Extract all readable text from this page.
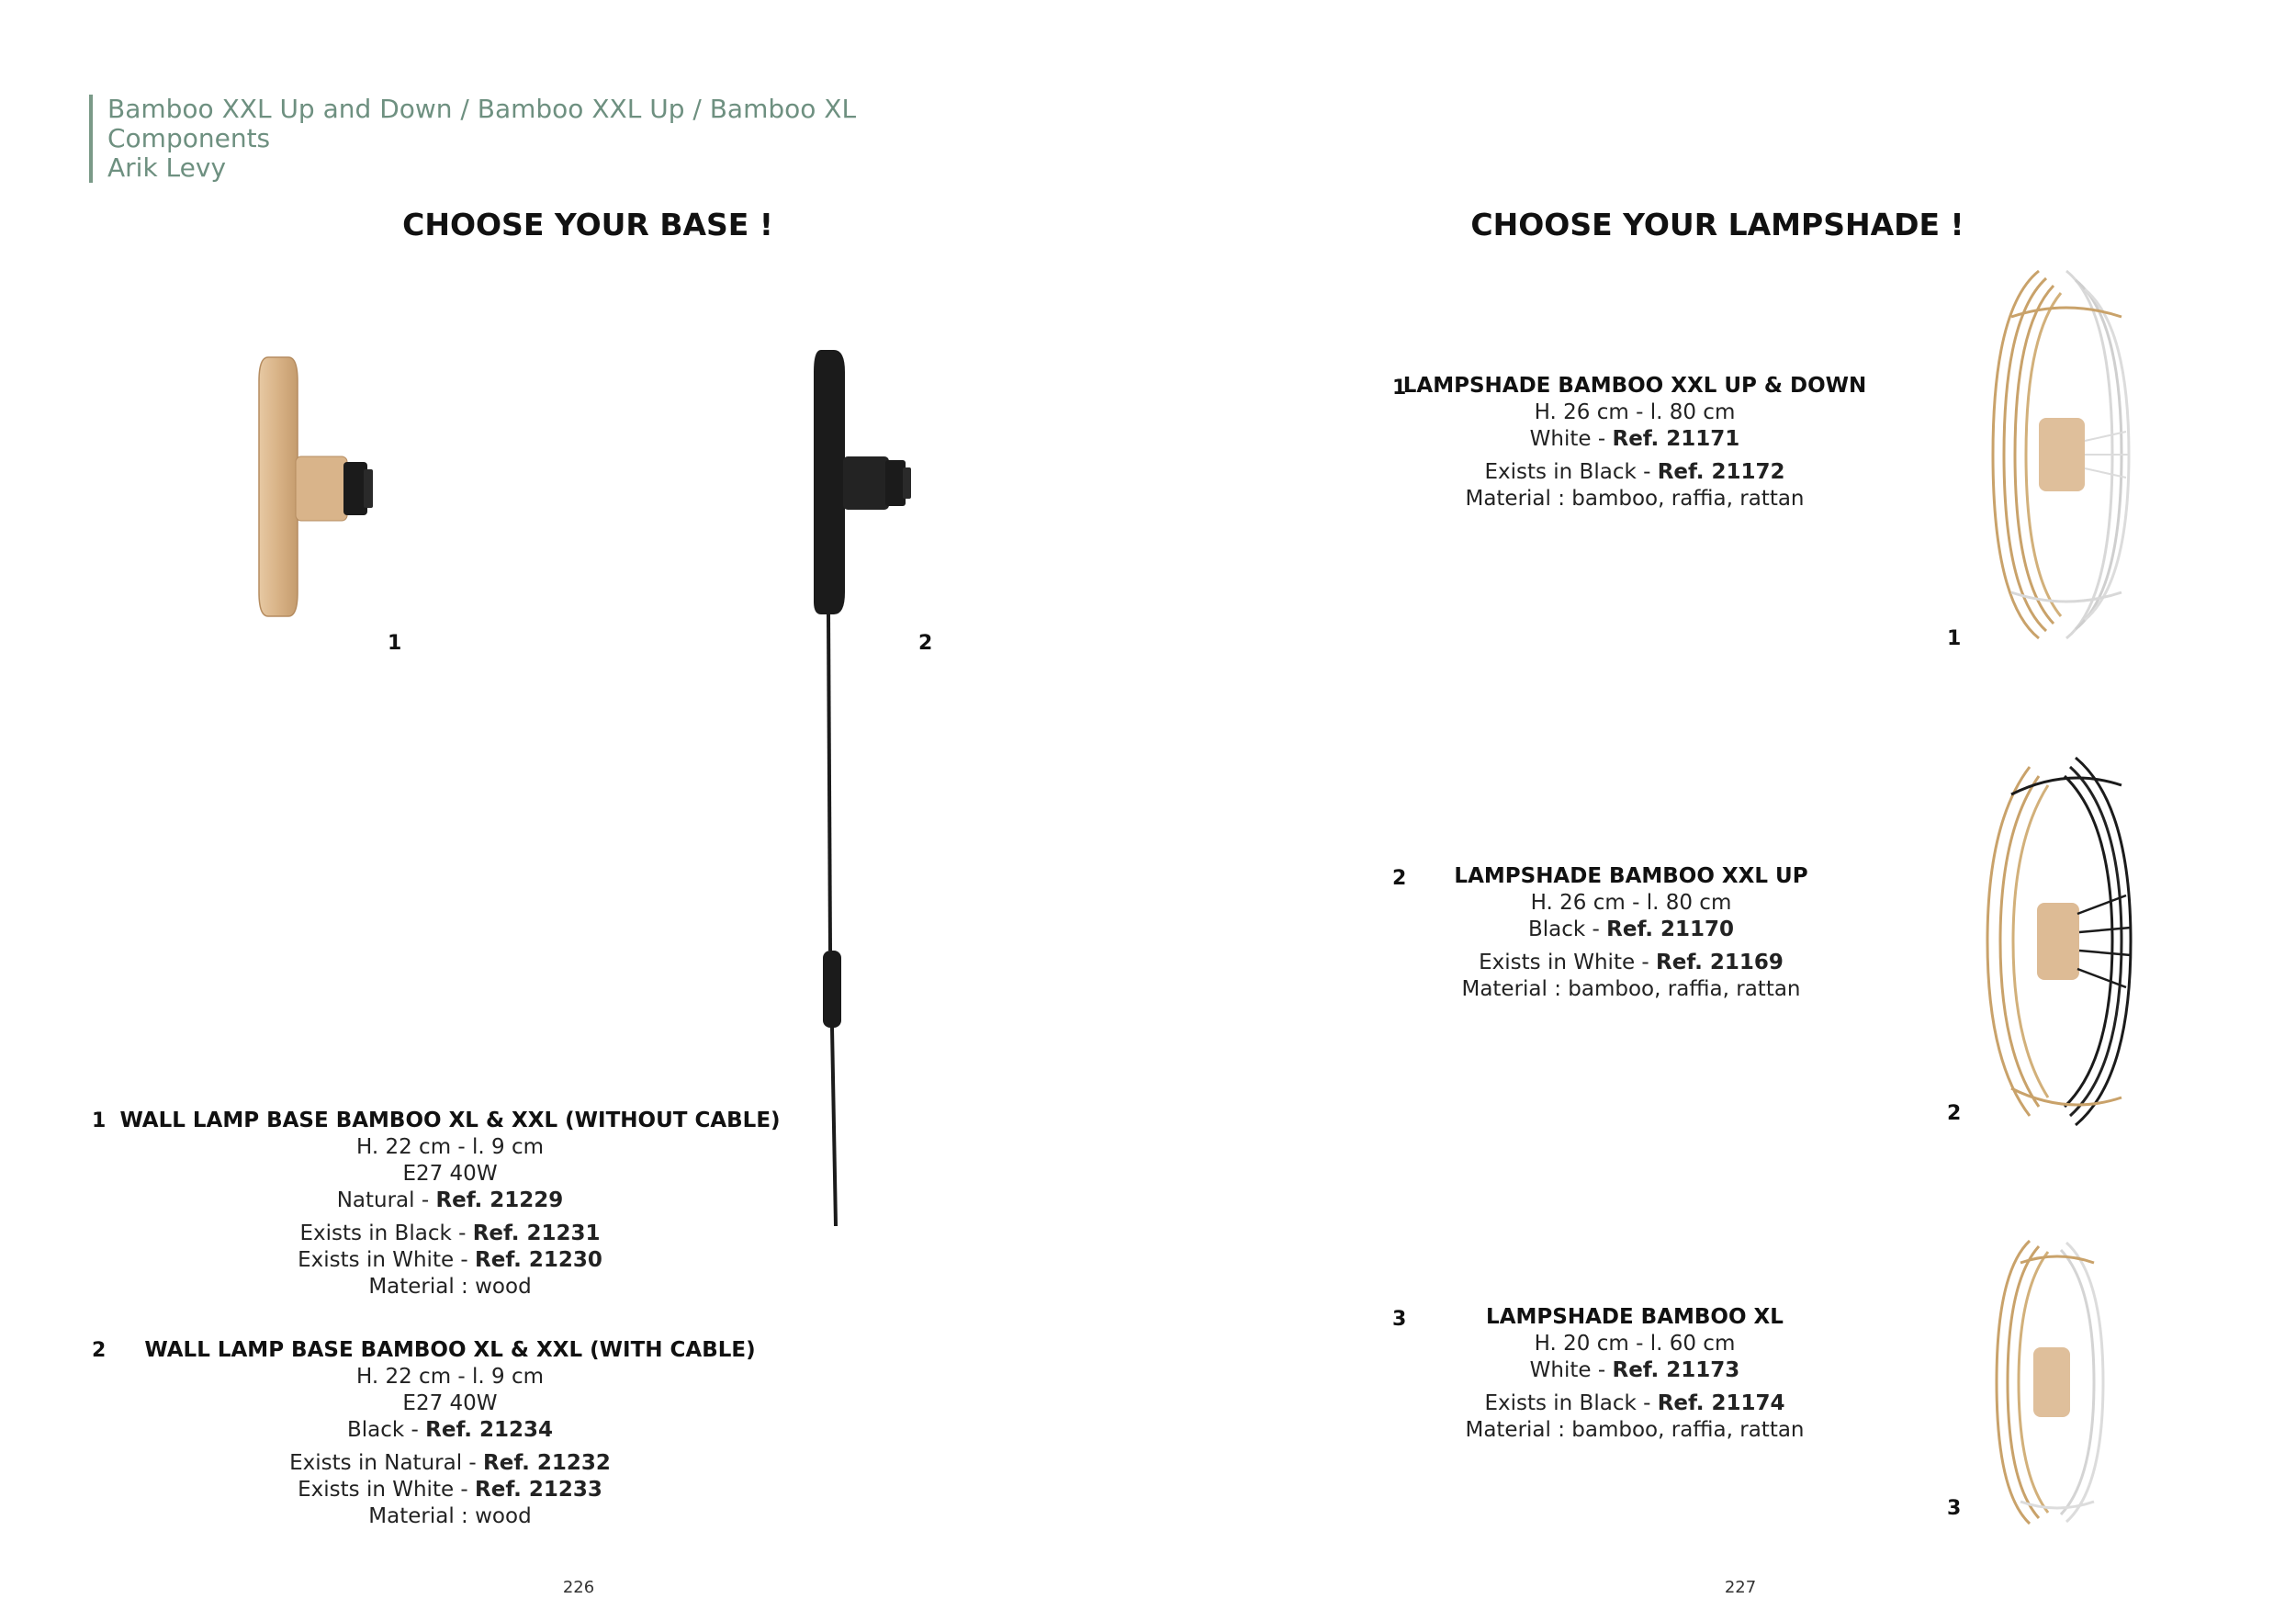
Bamboo XXL Up and Down / Bamboo XXL Up / Bamboo XL
Components
Arik Levy
CHOOSE YOUR BASE !	CHOOSE YOUR LAMPSHADE !
1	2
1 WALL LAMP BASE BAMBOO XL & XXL (WITHOUT CABLE)
H. 22 cm - l. 9 cm
E27 40W
Natural - Ref. 21229
Exists in Black - Ref. 21231
Exists in White - Ref. 21230
Material : wood
2 WALL LAMP BASE BAMBOO XL & XXL (WITH CABLE)
H. 22 cm - l. 9 cm
E27 40W
Black - Ref. 21234
Exists in Natural - Ref. 21232
Exists in White - Ref. 21233
Material : wood
1
LAMPSHADE BAMBOO XXL UP & DOWN
H. 26 cm - l. 80 cm
White - Ref. 21171
Exists in Black - Ref. 21172
Material : bamboo, raffia, rattan
2 LAMPSHADE BAMBOO XXL UP
H. 26 cm - l. 80 cm
Black - Ref. 21170
Exists in White - Ref. 21169
Material : bamboo, raffia, rattan
3	LAMPSHADE BAMBOO XL
H. 20 cm - l. 60 cm
White - Ref. 21173
Exists in Black - Ref. 21174
Material : bamboo, raffia, rattan
1
2
3
226	227
